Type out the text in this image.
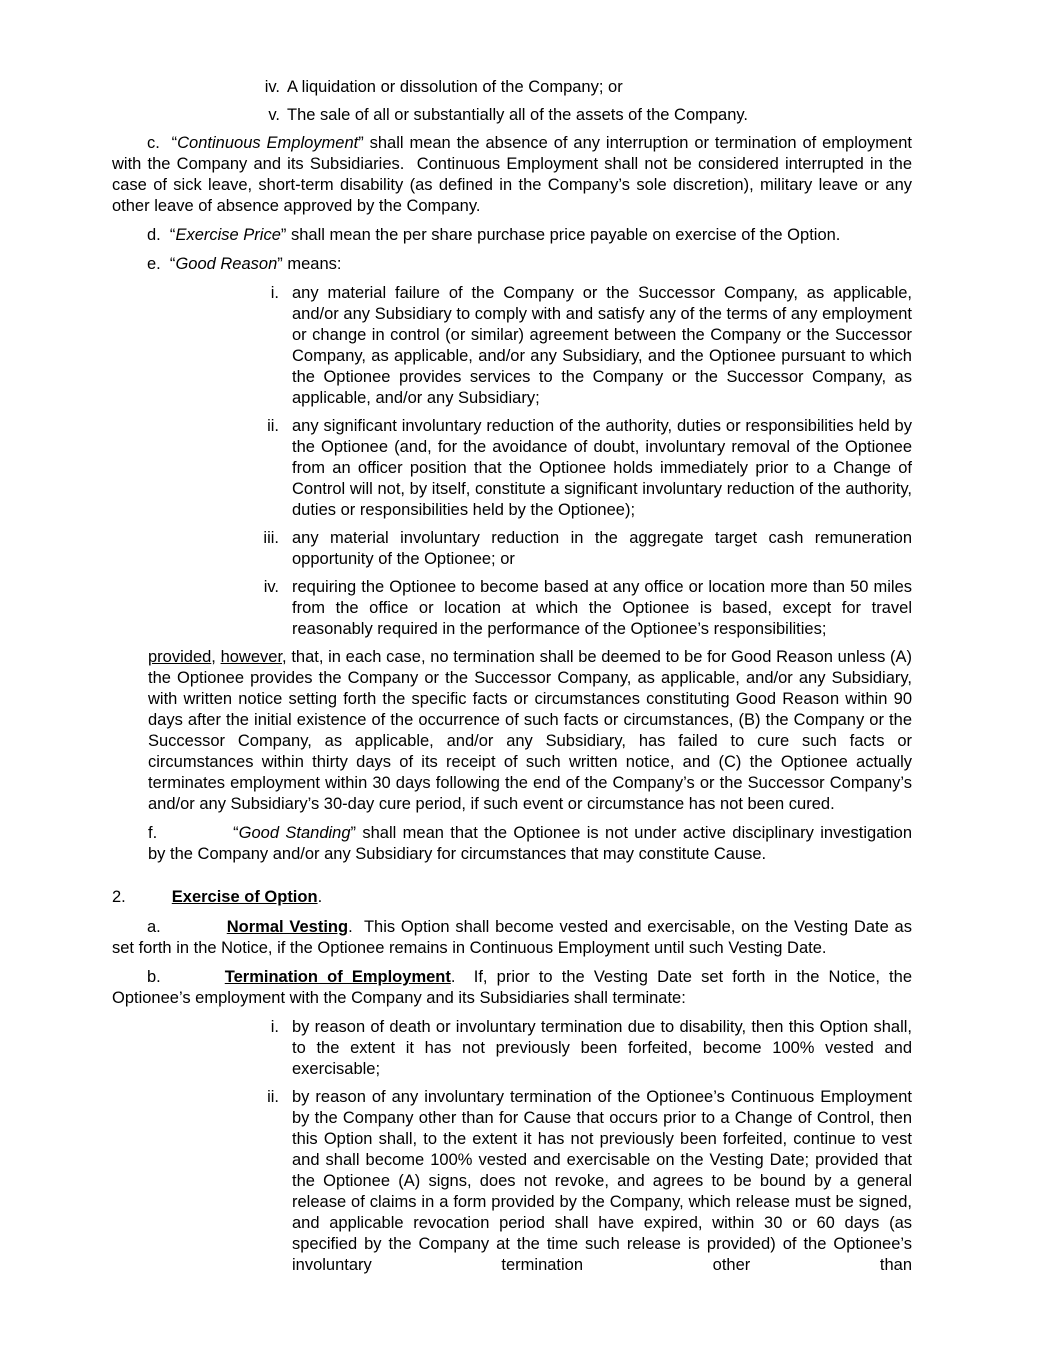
iv. A liquidation or dissolution of the Company; or
v. The sale of all or substantially all of the assets of the Company.

c.  “Continuous Employment” shall mean the absence of any interruption or termination of employment with the Company and its Subsidiaries.  Continuous Employment shall not be considered interrupted in the case of sick leave, short-term disability (as defined in the Company’s sole discretion), military leave or any other leave of absence approved by the Company.

d.  “Exercise Price” shall mean the per share purchase price payable on exercise of the Option.

e.  “Good Reason” means:

i. any material failure of the Company or the Successor Company, as applicable, and/or any Subsidiary to comply with and satisfy any of the terms of any employment or change in control (or similar) agreement between the Company or the Successor Company, as applicable, and/or any Subsidiary, and the Optionee pursuant to which the Optionee provides services to the Company or the Successor Company, as applicable, and/or any Subsidiary;
ii. any significant involuntary reduction of the authority, duties or responsibilities held by the Optionee (and, for the avoidance of doubt, involuntary removal of the Optionee from an officer position that the Optionee holds immediately prior to a Change of Control will not, by itself, constitute a significant involuntary reduction of the authority, duties or responsibilities held by the Optionee);
iii. any material involuntary reduction in the aggregate target cash remuneration opportunity of the Optionee; or
iv. requiring the Optionee to become based at any office or location more than 50 miles from the office or location at which the Optionee is based, except for travel reasonably required in the performance of the Optionee’s responsibilities;

provided, however, that, in each case, no termination shall be deemed to be for Good Reason unless (A) the Optionee provides the Company or the Successor Company, as applicable, and/or any Subsidiary, with written notice setting forth the specific facts or circumstances constituting Good Reason within 90 days after the initial existence of the occurrence of such facts or circumstances, (B) the Company or the Successor Company, as applicable, and/or any Subsidiary, has failed to cure such facts or circumstances within thirty days of its receipt of such written notice, and (C) the Optionee actually terminates employment within 30 days following the end of the Company’s or the Successor Company’s and/or any Subsidiary’s 30-day cure period, if such event or circumstance has not been cured.

f.	“Good Standing” shall mean that the Optionee is not under active disciplinary investigation by the Company and/or any Subsidiary for circumstances that may constitute Cause.

2.	Exercise of Option.

a.	Normal Vesting.  This Option shall become vested and exercisable, on the Vesting Date as set forth in the Notice, if the Optionee remains in Continuous Employment until such Vesting Date.

b.	Termination of Employment.  If, prior to the Vesting Date set forth in the Notice, the Optionee’s employment with the Company and its Subsidiaries shall terminate:

i. by reason of death or involuntary termination due to disability, then this Option shall, to the extent it has not previously been forfeited, become 100% vested and exercisable;
ii. by reason of any involuntary termination of the Optionee’s Continuous Employment by the Company other than for Cause that occurs prior to a Change of Control, then this Option shall, to the extent it has not previously been forfeited, continue to vest and shall become 100% vested and exercisable on the Vesting Date; provided that the Optionee (A) signs, does not revoke, and agrees to be bound by a general release of claims in a form provided by the Company, which release must be signed, and applicable revocation period shall have expired, within 30 or 60 days (as specified by the Company at the time such release is provided) of the Optionee’s involuntary termination other than
